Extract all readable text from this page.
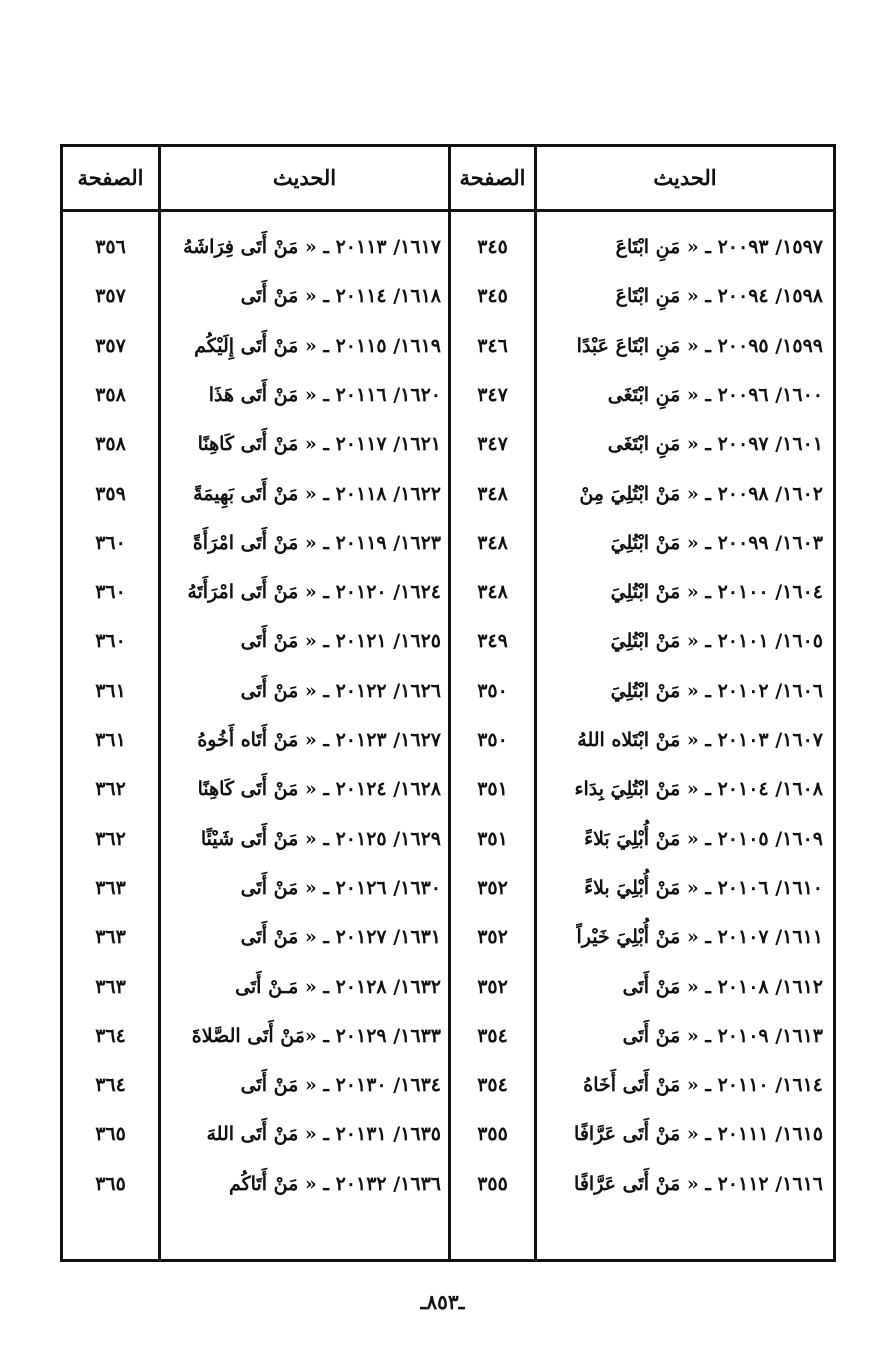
الحديث
الصفحة
الحديث
الصفحة
١٥٩٧/ ٢٠٠٩٣ ـ « مَنِ ابْتَاعَ
٣٤٥
١٥٩٨/ ٢٠٠٩٤ ـ « مَنِ ابْتَاعَ
٣٤٥
١٥٩٩/ ٢٠٠٩٥ ـ « مَنِ ابْتَاعَ عَبْدًا
٣٤٦
١٦٠٠/ ٢٠٠٩٦ ـ « مَنِ ابْتَغَى
٣٤٧
١٦٠١/ ٢٠٠٩٧ ـ « مَنِ ابْتَغَى
٣٤٧
١٦٠٢/ ٢٠٠٩٨ ـ « مَنْ ابْتُلِيَ مِنْ
٣٤٨
١٦٠٣/ ٢٠٠٩٩ ـ « مَنْ ابْتُلِيَ
٣٤٨
١٦٠٤/ ٢٠١٠٠ ـ « مَنْ ابْتُلِيَ
٣٤٨
١٦٠٥/ ٢٠١٠١ ـ « مَنْ ابْتُلِيَ
٣٤٩
١٦٠٦/ ٢٠١٠٢ ـ « مَنْ ابْتُلِيَ
٣٥٠
١٦٠٧/ ٢٠١٠٣ ـ « مَنْ ابْتَلاه اللهُ
٣٥٠
١٦٠٨/ ٢٠١٠٤ ـ « مَنْ ابْتُلِيَ بِدَاء
٣٥١
١٦٠٩/ ٢٠١٠٥ ـ « مَنْ أُبْلِيَ بَلاءً
٣٥١
١٦١٠/ ٢٠١٠٦ ـ « مَنْ أُبْلِيَ بلاءً
٣٥٢
١٦١١/ ٢٠١٠٧ ـ « مَنْ أُبْلِيَ خَيْراً
٣٥٢
١٦١٢/ ٢٠١٠٨ ـ « مَنْ أَتَى
٣٥٢
١٦١٣/ ٢٠١٠٩ ـ « مَنْ أَتَى
٣٥٤
١٦١٤/ ٢٠١١٠ ـ « مَنْ أَتَى أَخَاهُ
٣٥٤
١٦١٥/ ٢٠١١١ ـ « مَنْ أَتَى عَرَّافًا
٣٥٥
١٦١٦/ ٢٠١١٢ ـ « مَنْ أَتَى عَرَّافًا
٣٥٥
١٦١٧/ ٢٠١١٣ ـ « مَنْ أَتَى فِرَاشَهُ
٣٥٦
١٦١٨/ ٢٠١١٤ ـ « مَنْ أَتَى
٣٥٧
١٦١٩/ ٢٠١١٥ ـ « مَنْ أَتَى إِلَيْكُم
٣٥٧
١٦٢٠/ ٢٠١١٦ ـ « مَنْ أَتَى هَذَا
٣٥٨
١٦٢١/ ٢٠١١٧ ـ « مَنْ أَتَى كَاهِنًا
٣٥٨
١٦٢٢/ ٢٠١١٨ ـ « مَنْ أَتَى بَهِيمَةً
٣٥٩
١٦٢٣/ ٢٠١١٩ ـ « مَنْ أَتَى امْرَأَةً
٣٦٠
١٦٢٤/ ٢٠١٢٠ ـ « مَنْ أَتَى امْرَأَتَهُ
٣٦٠
١٦٢٥/ ٢٠١٢١ ـ « مَنْ أَتَى
٣٦٠
١٦٢٦/ ٢٠١٢٢ ـ « مَنْ أَتَى
٣٦١
١٦٢٧/ ٢٠١٢٣ ـ « مَنْ أَتَاه أَخُوهُ
٣٦١
١٦٢٨/ ٢٠١٢٤ ـ « مَنْ أَتَى كَاهِنًا
٣٦٢
١٦٢٩/ ٢٠١٢٥ ـ « مَنْ أَتَى شَيْئًا
٣٦٢
١٦٣٠/ ٢٠١٢٦ ـ « مَنْ أَتَى
٣٦٣
١٦٣١/ ٢٠١٢٧ ـ « مَنْ أَتَى
٣٦٣
١٦٣٢/ ٢٠١٢٨ ـ « مَـنْ أَتَى
٣٦٣
١٦٣٣/ ٢٠١٢٩ ـ «مَنْ أَتَى الصَّلاةَ
٣٦٤
١٦٣٤/ ٢٠١٣٠ ـ « مَنْ أَتَى
٣٦٤
١٦٣٥/ ٢٠١٣١ ـ « مَنْ أَتَى اللهَ
٣٦٥
١٦٣٦/ ٢٠١٣٢ ـ « مَنْ أَتَاكُم
٣٦٥
ـ٨٥٣ـ
